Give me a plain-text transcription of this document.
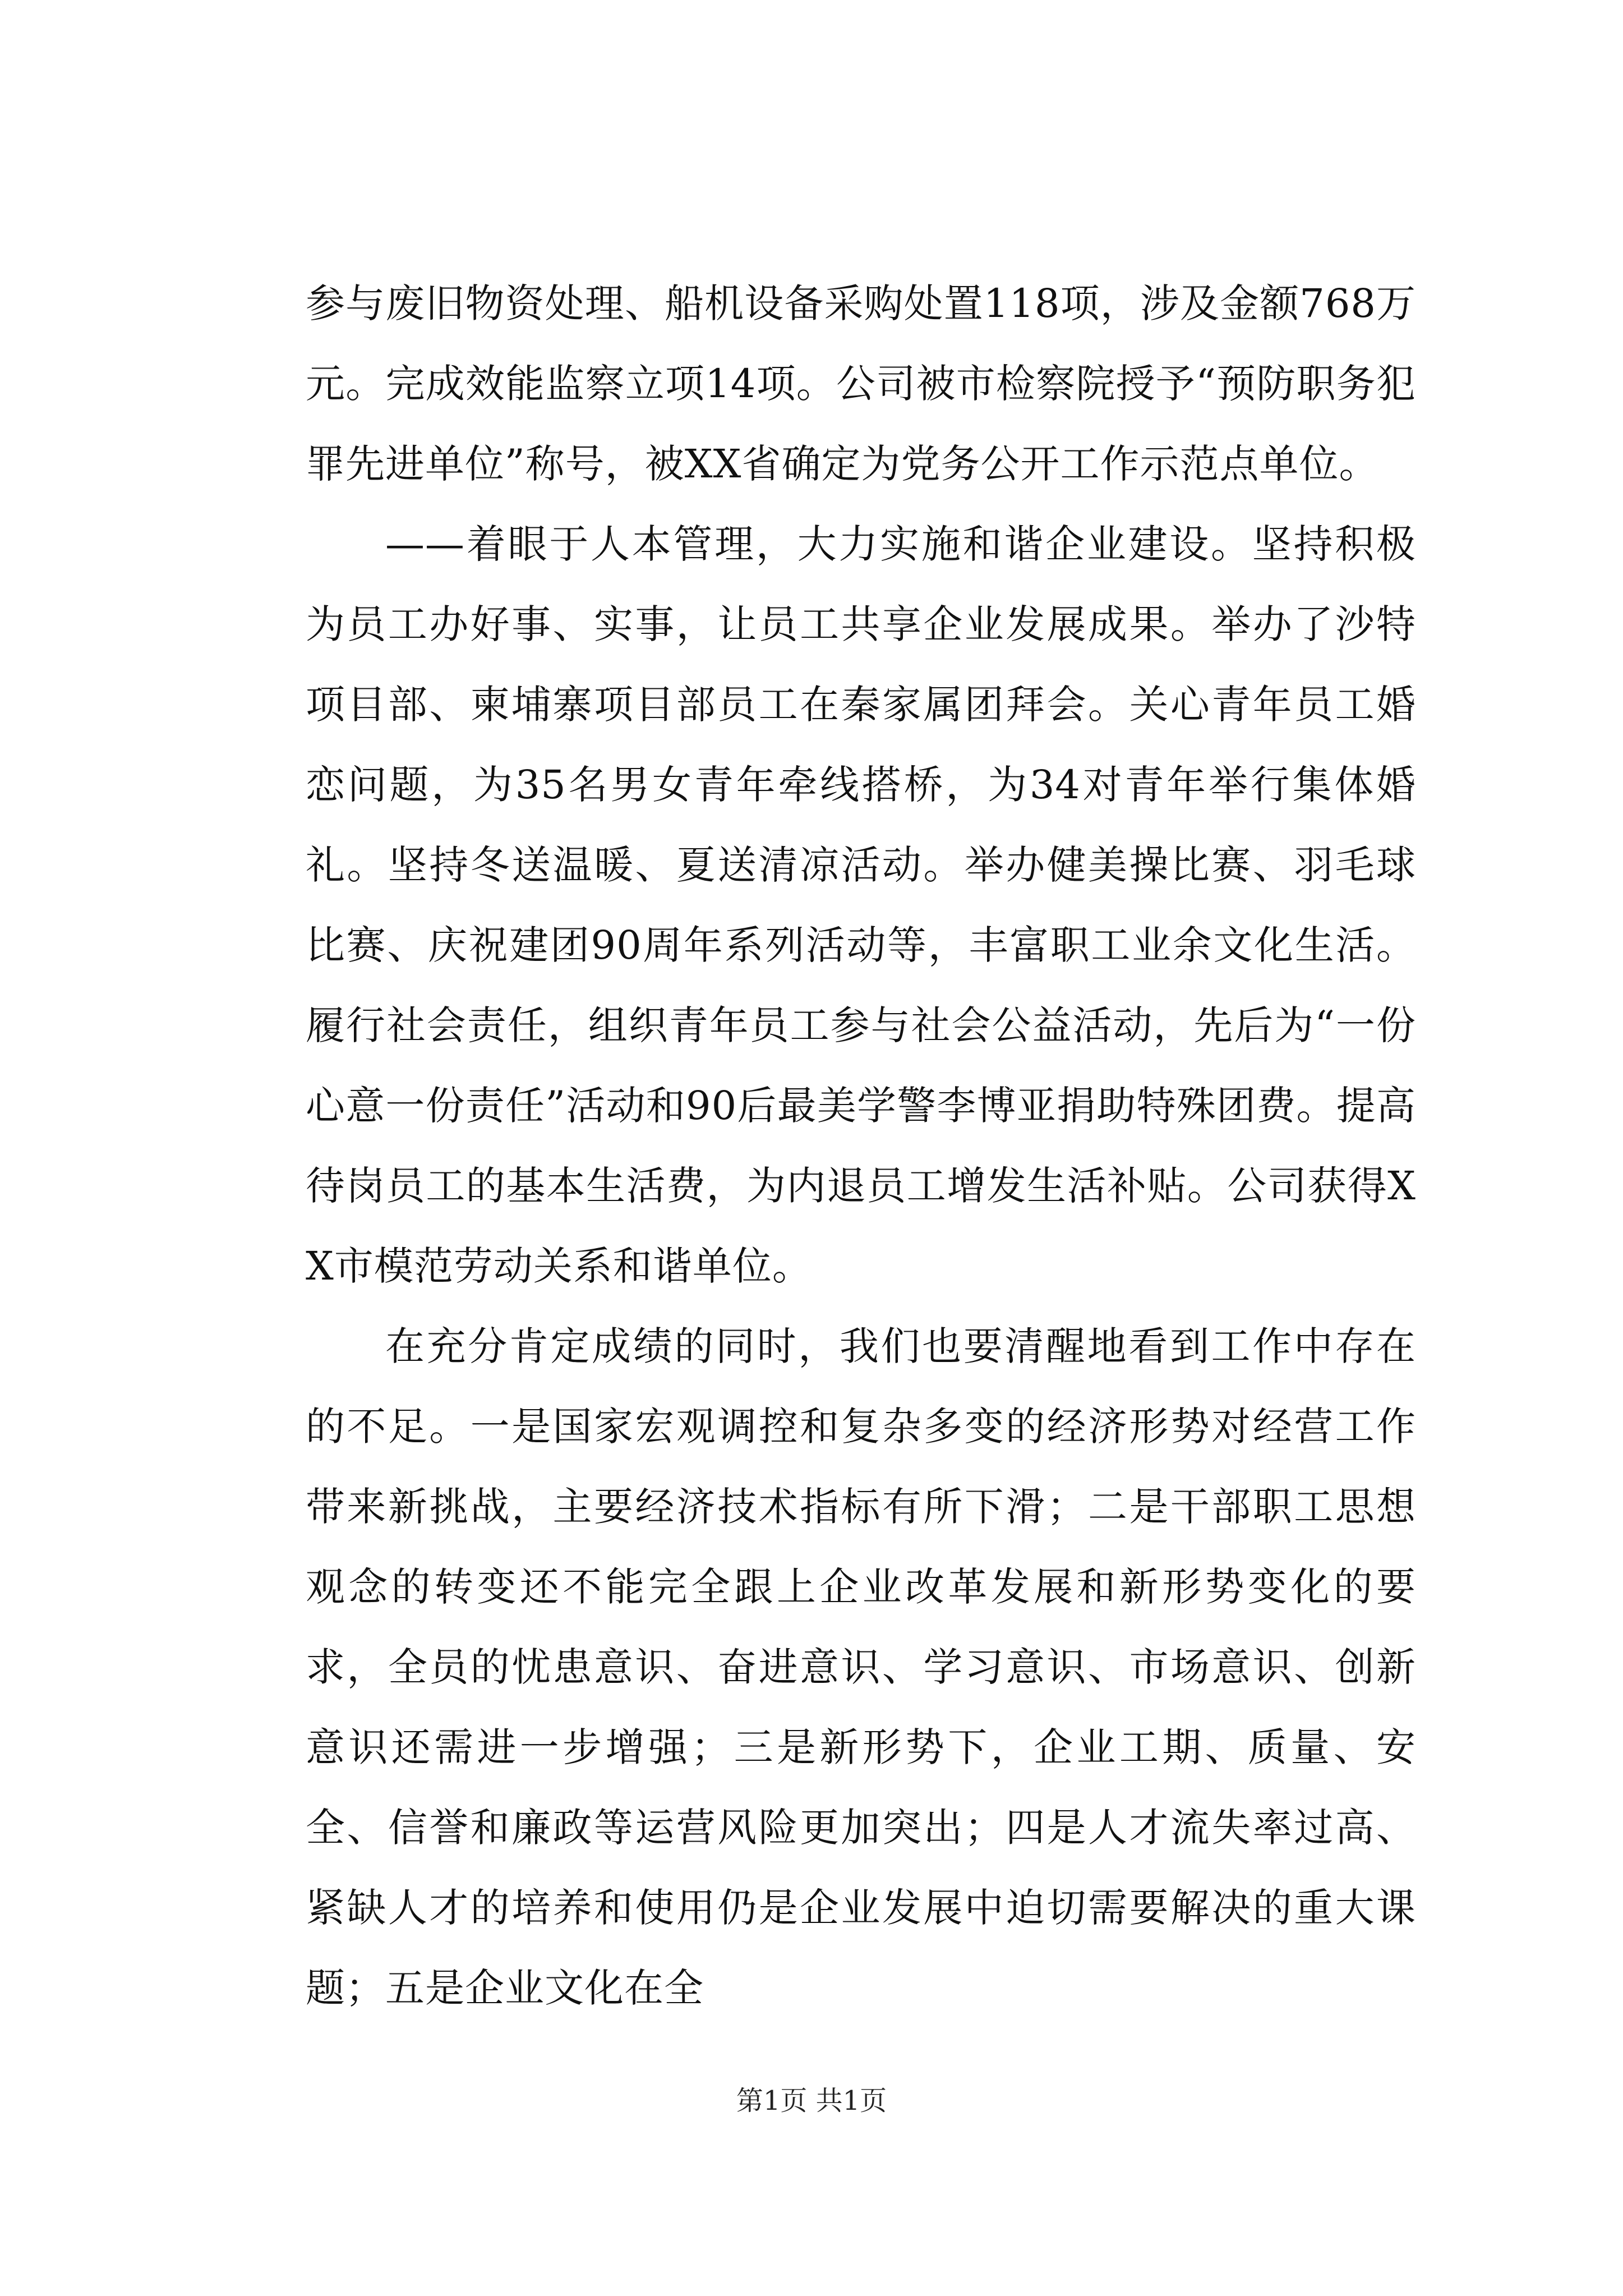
参与废旧物资处理、船机设备采购处置118项，涉及金额768万元。完成效能监察立项14项。公司被市检察院授予“预防职务犯罪先进单位”称号，被XX省确定为党务公开工作示范点单位。

——着眼于人本管理，大力实施和谐企业建设。坚持积极为员工办好事、实事，让员工共享企业发展成果。举办了沙特项目部、柬埔寨项目部员工在秦家属团拜会。关心青年员工婚恋问题，为35名男女青年牵线搭桥，为34对青年举行集体婚礼。坚持冬送温暖、夏送清凉活动。举办健美操比赛、羽毛球比赛、庆祝建团90周年系列活动等，丰富职工业余文化生活。履行社会责任，组织青年员工参与社会公益活动，先后为“一份心意一份责任”活动和90后最美学警李博亚捐助特殊团费。提高待岗员工的基本生活费，为内退员工增发生活补贴。公司获得XX市模范劳动关系和谐单位。

在充分肯定成绩的同时，我们也要清醒地看到工作中存在的不足。一是国家宏观调控和复杂多变的经济形势对经营工作带来新挑战，主要经济技术指标有所下滑；二是干部职工思想观念的转变还不能完全跟上企业改革发展和新形势变化的要求，全员的忧患意识、奋进意识、学习意识、市场意识、创新意识还需进一步增强；三是新形势下，企业工期、质量、安全、信誉和廉政等运营风险更加突出；四是人才流失率过高、紧缺人才的培养和使用仍是企业发展中迫切需要解决的重大课题；五是企业文化在全

第1页 共1页
